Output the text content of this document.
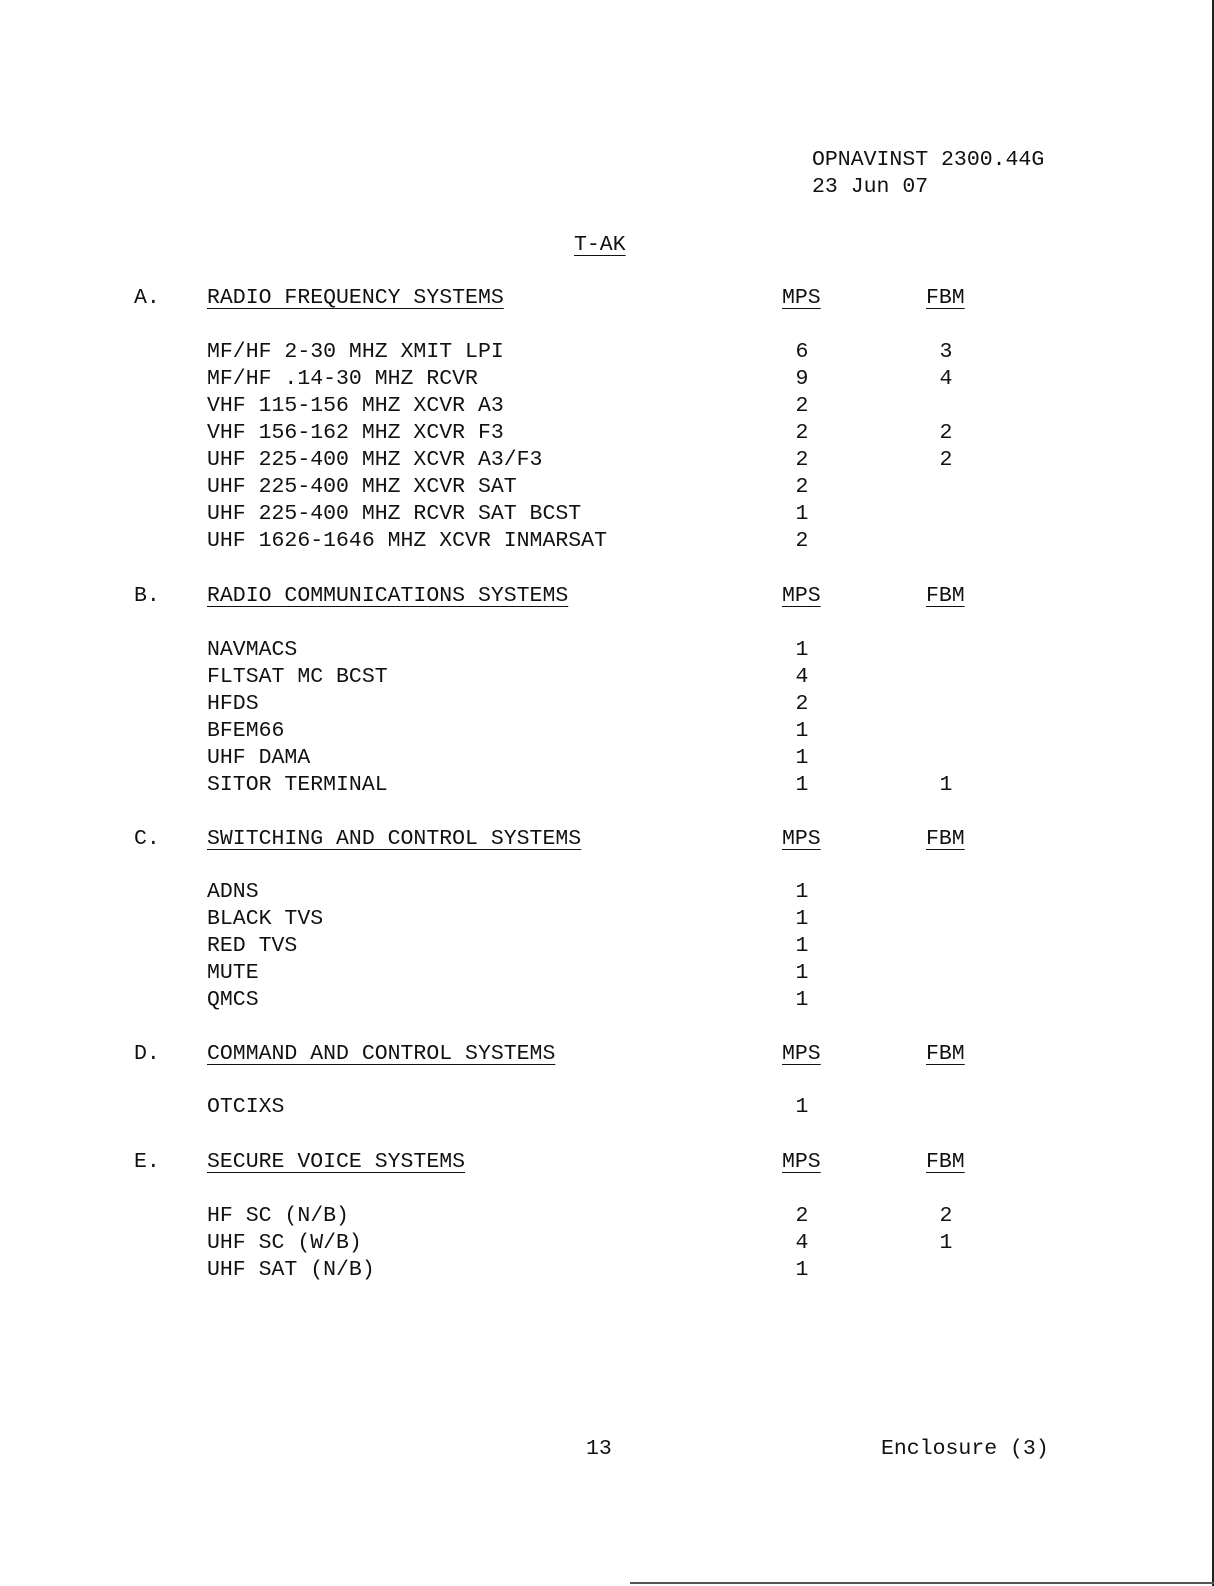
OPNAVINST 2300.44G
23 Jun 07
T-AK
A. RADIO FREQUENCY SYSTEMS	MPS	FBM
MF/HF 2-30 MHZ XMIT LPI	6	3
MF/HF .14-30 MHZ RCVR	9	4
VHF 115-156 MHZ XCVR A3	2
VHF 156-162 MHZ XCVR F3	2	2
UHF 225-400 MHZ XCVR A3/F3	2	2
UHF 225-400 MHZ XCVR SAT	2
UHF 225-400 MHZ RCVR SAT BCST	1
UHF 1626-1646 MHZ XCVR INMARSAT	2
B. RADIO COMMUNICATIONS SYSTEMS	MPS	FBM
NAVMACS	1
FLTSAT MC BCST	4
HFDS	2
BFEM66	1
UHF DAMA	1
SITOR TERMINAL	1	1
C. SWITCHING AND CONTROL SYSTEMS	MPS	FBM
ADNS	1
BLACK TVS	1
RED TVS	1
MUTE	1
QMCS	1
D. COMMAND AND CONTROL SYSTEMS	MPS	FBM
OTCIXS	1
E. SECURE VOICE SYSTEMS	MPS	FBM
HF SC (N/B)	2	2
UHF SC (W/B)	4	1
UHF SAT (N/B)	1
13	Enclosure (3)
